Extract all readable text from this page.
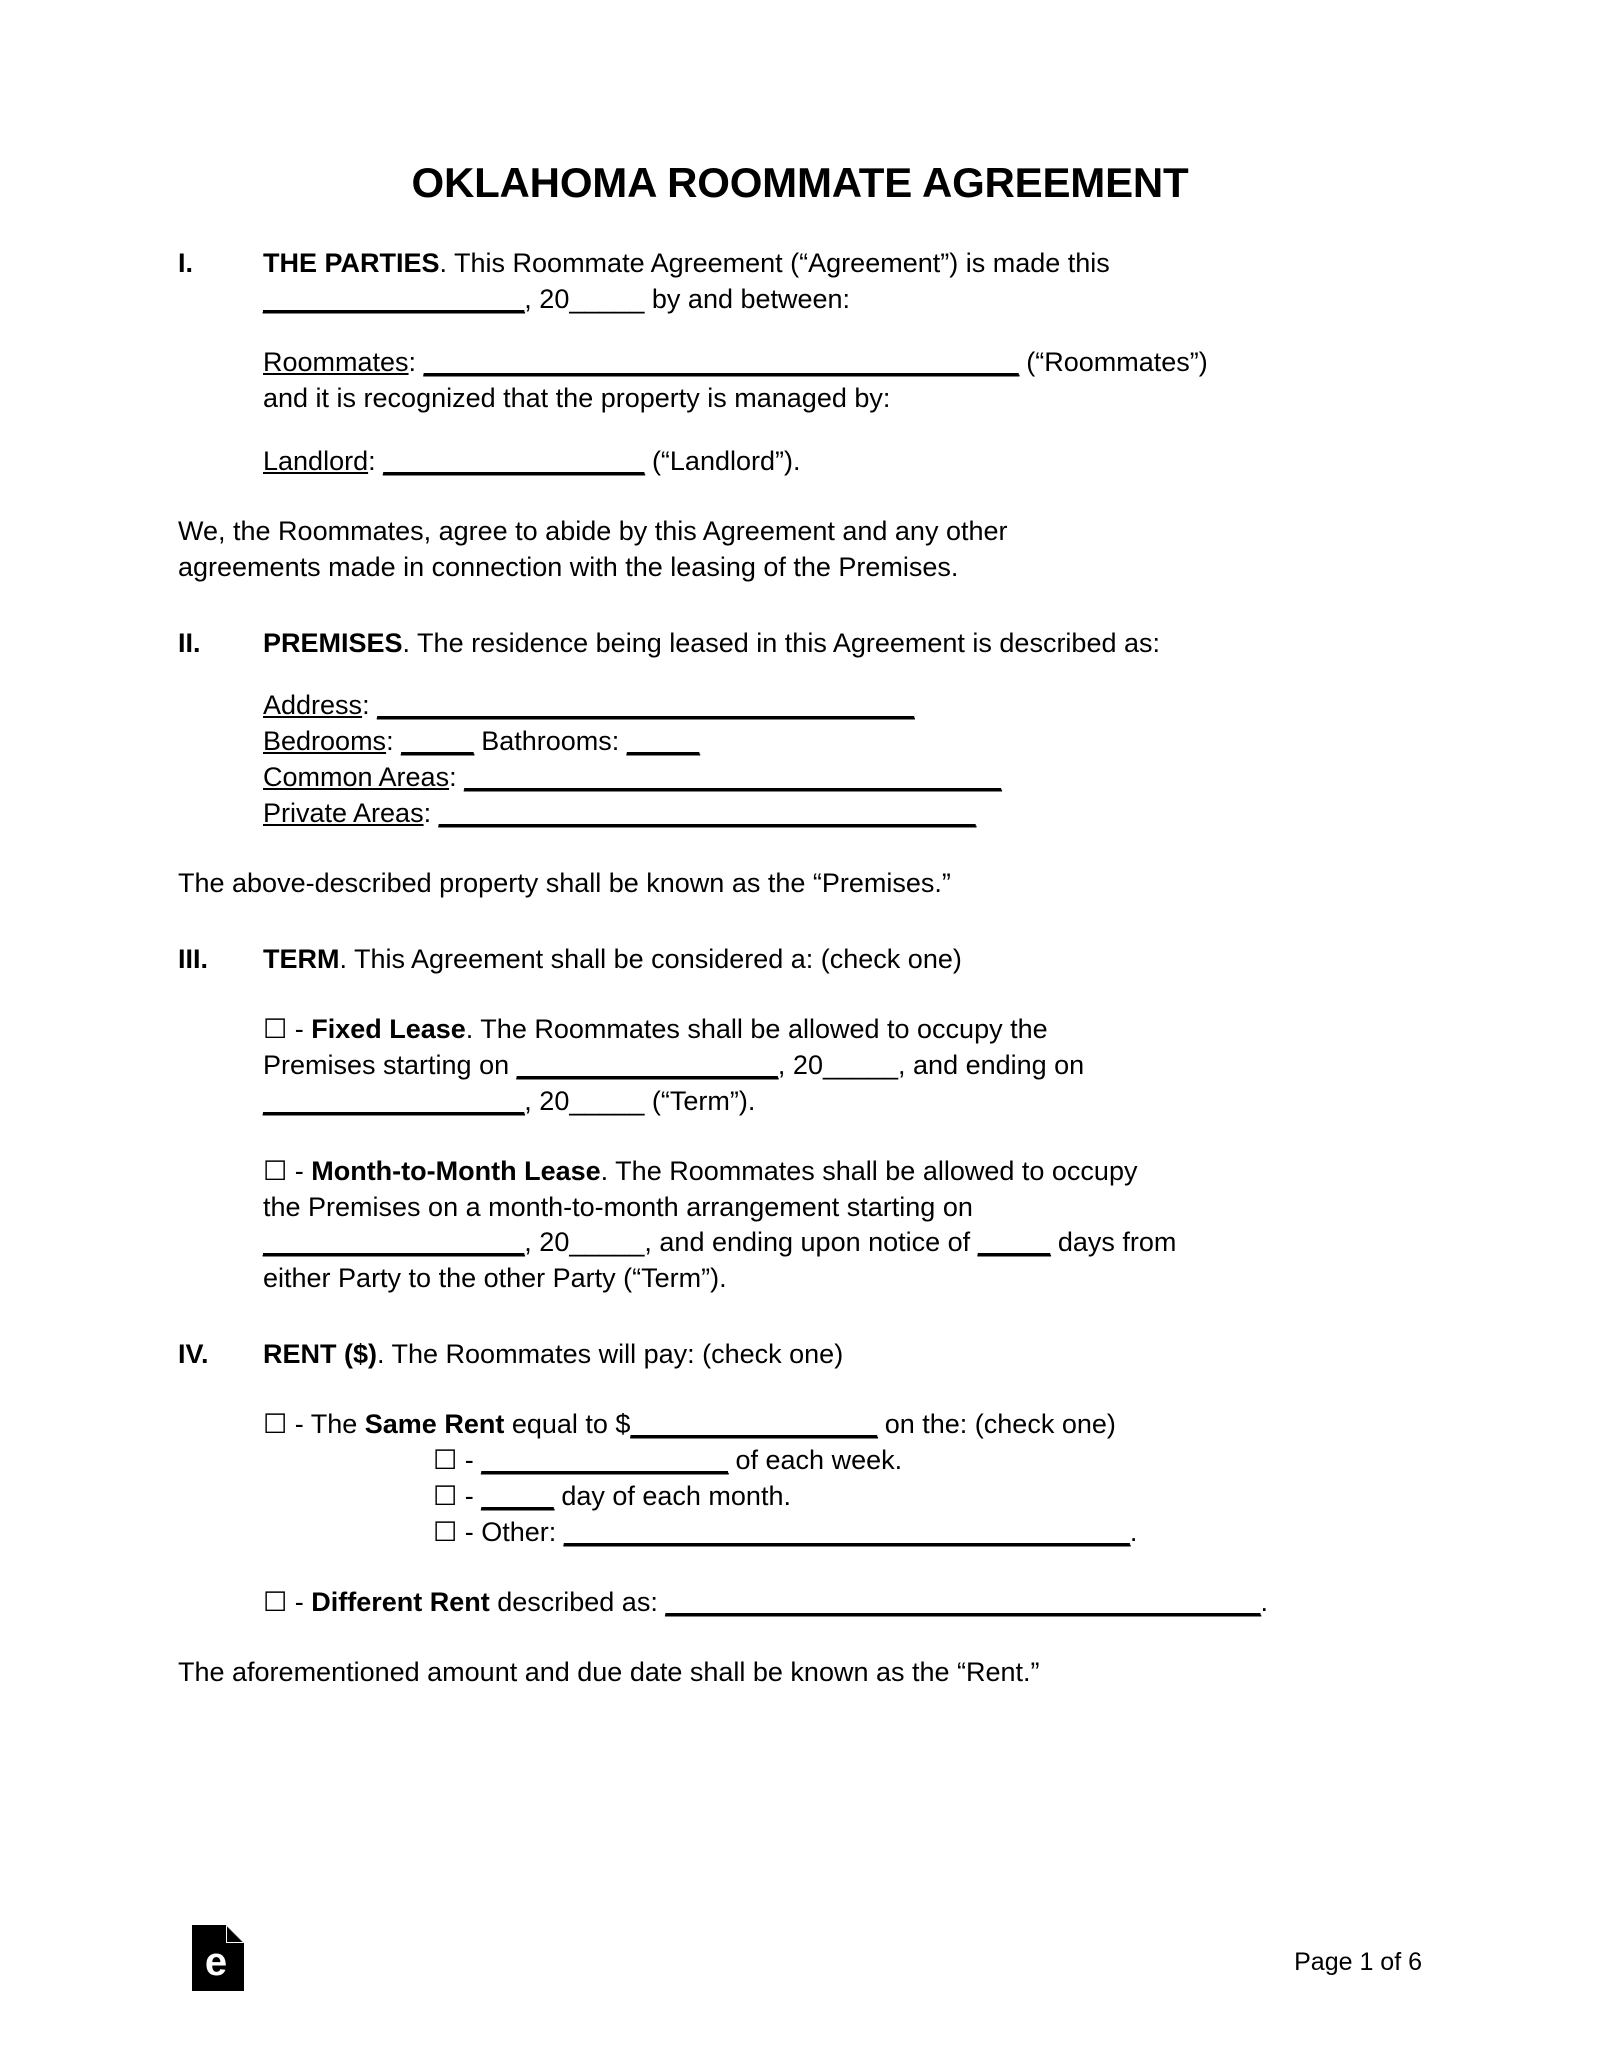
OKLAHOMA ROOMMATE AGREEMENT
I.	THE PARTIES. This Roommate Agreement (“Agreement”) is made this
__________________, 20_____ by and between:
Roommates: _________________________________________ (“Roommates”)
and it is recognized that the property is managed by:
Landlord: __________________ (“Landlord”).
We, the Roommates, agree to abide by this Agreement and any other
agreements made in connection with the leasing of the Premises.
II.	PREMISES. The residence being leased in this Agreement is described as:
Address: _____________________________________
Bedrooms: _____ Bathrooms: _____
Common Areas: _____________________________________
Private Areas: _____________________________________
The above-described property shall be known as the “Premises.”
III.	TERM. This Agreement shall be considered a: (check one)
☐ - Fixed Lease. The Roommates shall be allowed to occupy the
Premises starting on __________________, 20_____, and ending on
__________________, 20_____ (“Term”).
☐ - Month-to-Month Lease. The Roommates shall be allowed to occupy
the Premises on a month-to-month arrangement starting on
__________________, 20_____, and ending upon notice of _____ days from
either Party to the other Party (“Term”).
IV.	RENT ($). The Roommates will pay: (check one)
☐ - The Same Rent equal to $_________________ on the: (check one)
☐ - _________________ of each week.
☐ - _____ day of each month.
☐ - Other: _______________________________________.
☐ - Different Rent described as: _________________________________________.
The aforementioned amount and due date shall be known as the “Rent.”
e	Page 1 of 6
